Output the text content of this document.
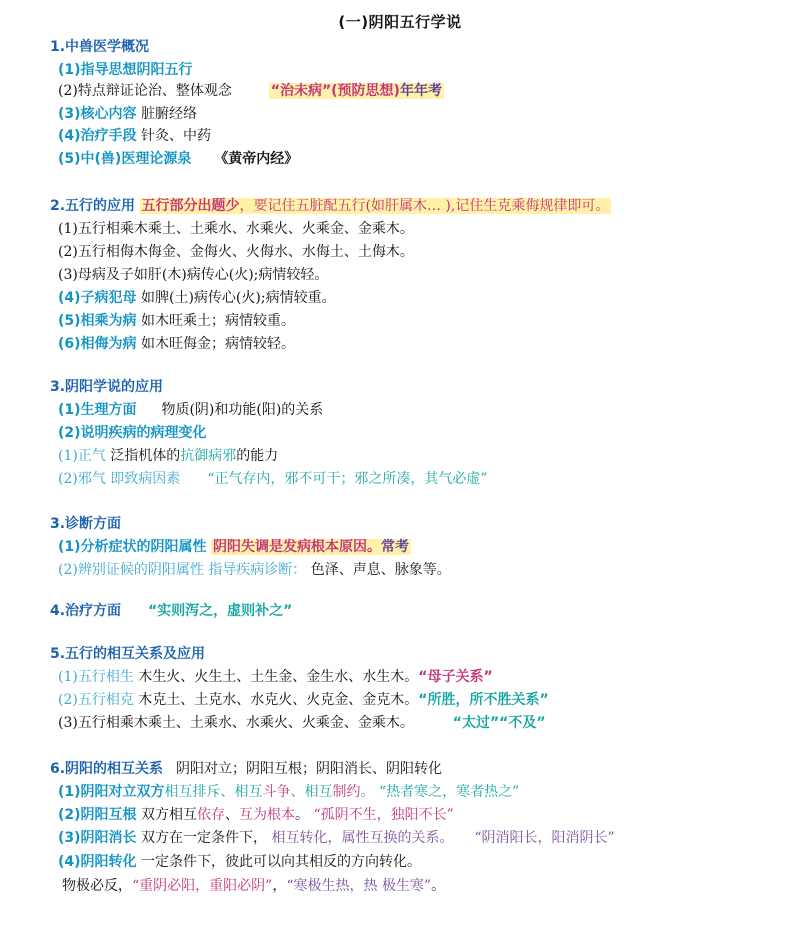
(一)阴阳五行学说
1.中兽医学概况
(1)指导思想阴阳五行
(2)特点辩证论治、整体观念	“治未病”(预防思想)年年考
(3)核心内容 脏腑经络
(4)治疗手段 针灸、中药
(5)中(兽)医理论源泉 《黄帝内经》
2.五行的应用 五行部分出题少，要记住五脏配五行(如肝属木… ),记住生克乘侮规律即可。
(1)五行相乘木乘土、土乘水、水乘火、火乘金、金乘木。
(2)五行相侮木侮金、金侮火、火侮水、水侮土、土侮木。
(3)母病及子如肝(木)病传心(火);病情较轻。
(4)子病犯母 如脾(土)病传心(火);病情较重。
(5)相乘为病 如木旺乘土；病情较重。
(6)相侮为病 如木旺侮金；病情较轻。
3.阴阳学说的应用
(1)生理方面 物质(阴)和功能(阳)的关系
(2)说明疾病的病理变化
(1)正气 泛指机体的抗御病邪的能力
(2)邪气 即致病因素 “正气存内，邪不可干；邪之所凑，其气必虚”
3.诊断方面
(1)分析症状的阴阳属性 阴阳失调是发病根本原因。常考
(2)辨别证候的阴阳属性 指导疾病诊断： 色泽、声息、脉象等。
4.治疗方面 “实则泻之，虚则补之”
5.五行的相互关系及应用
(1)五行相生 木生火、火生土、土生金、金生水、水生木。“母子关系”
(2)五行相克 木克土、土克水、水克火、火克金、金克木。“所胜，所不胜关系”
(3)五行相乘木乘土、土乘水、水乘火、火乘金、金乘木。	“太过”“不及”
6.阴阳的相互关系 阴阳对立；阴阳互根；阴阳消长、阴阳转化
(1)阴阳对立双方相互排斥、相互斗争、相互制约。 “热者寒之，寒者热之”
(2)阴阳互根 双方相互依存、互为根本。 “孤阴不生，独阳不长”
(3)阴阳消长 双方在一定条件下， 相互转化，属性互换的关系。 “阴消阳长，阳消阴长”
(4)阴阳转化 一定条件下，彼此可以向其相反的方向转化。
物极必反，“重阴必阳，重阳必阴”，“寒极生热，热 极生寒”。
